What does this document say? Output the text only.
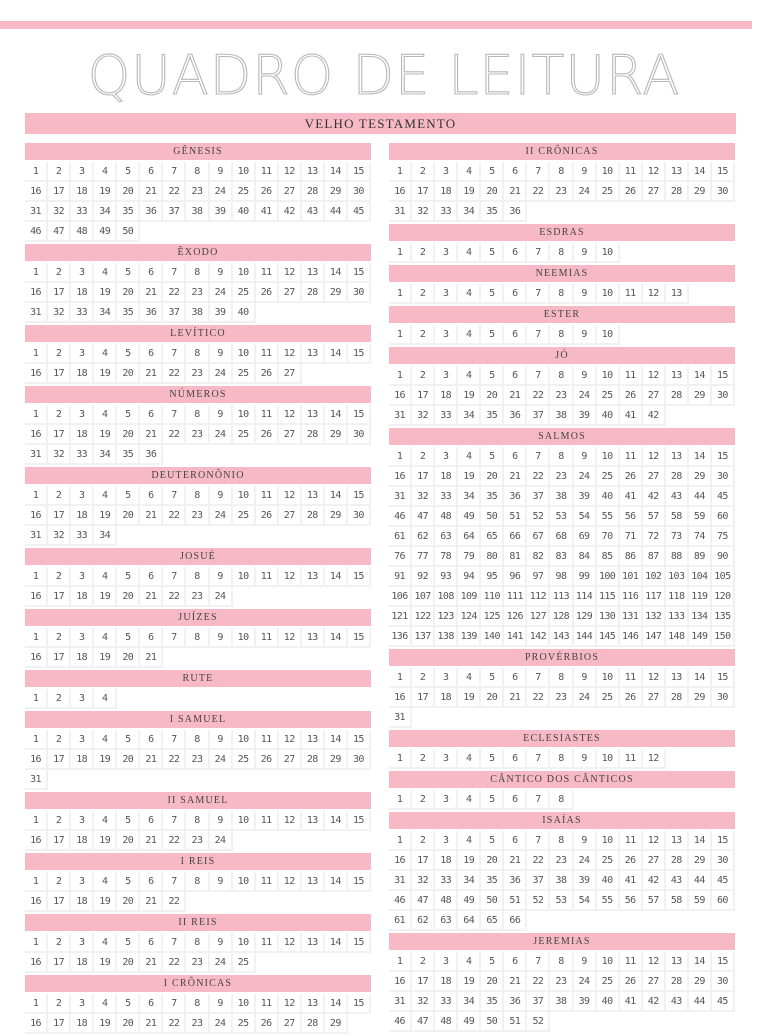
QUADRO DE LEITURA
VELHO TESTAMENTO
GÊNESIS
1	2	3	4	5	6	7	8	9	10	11	12	13	14	15
16	17	18	19	20	21	22	23	24	25	26	27	28	29	30
31	32	33	34	35	36	37	38	39	40	41	42	43	44	45
46	47	48	49	50
ÊXODO
1	2	3	4	5	6	7	8	9	10	11	12	13	14	15
16	17	18	19	20	21	22	23	24	25	26	27	28	29	30
31	32	33	34	35	36	37	38	39	40
LEVÍTICO
1	2	3	4	5	6	7	8	9	10	11	12	13	14	15
16	17	18	19	20	21	22	23	24	25	26	27
NÚMEROS
1	2	3	4	5	6	7	8	9	10	11	12	13	14	15
16	17	18	19	20	21	22	23	24	25	26	27	28	29	30
31	32	33	34	35	36
DEUTERONÔNIO
1	2	3	4	5	6	7	8	9	10	11	12	13	14	15
16	17	18	19	20	21	22	23	24	25	26	27	28	29	30
31	32	33	34
JOSUÉ
1	2	3	4	5	6	7	8	9	10	11	12	13	14	15
16	17	18	19	20	21	22	23	24
JUÍZES
1	2	3	4	5	6	7	8	9	10	11	12	13	14	15
16	17	18	19	20	21
RUTE
1	2	3	4
I SAMUEL
1	2	3	4	5	6	7	8	9	10	11	12	13	14	15
16	17	18	19	20	21	22	23	24	25	26	27	28	29	30
31
II SAMUEL
1	2	3	4	5	6	7	8	9	10	11	12	13	14	15
16	17	18	19	20	21	22	23	24
I REIS
1	2	3	4	5	6	7	8	9	10	11	12	13	14	15
16	17	18	19	20	21	22
II REIS
1	2	3	4	5	6	7	8	9	10	11	12	13	14	15
16	17	18	19	20	21	22	23	24	25
I CRÔNICAS
1	2	3	4	5	6	7	8	9	10	11	12	13	14	15
16	17	18	19	20	21	22	23	24	25	26	27	28	29
II CRÔNICAS
1	2	3	4	5	6	7	8	9	10	11	12	13	14	15
16	17	18	19	20	21	22	23	24	25	26	27	28	29	30
31	32	33	34	35	36
ESDRAS
1	2	3	4	5	6	7	8	9	10
NEEMIAS
1	2	3	4	5	6	7	8	9	10	11	12	13
ESTER
1	2	3	4	5	6	7	8	9	10
JÓ
1	2	3	4	5	6	7	8	9	10	11	12	13	14	15
16	17	18	19	20	21	22	23	24	25	26	27	28	29	30
31	32	33	34	35	36	37	38	39	40	41	42
SALMOS
1	2	3	4	5	6	7	8	9	10	11	12	13	14	15
16	17	18	19	20	21	22	23	24	25	26	27	28	29	30
31	32	33	34	35	36	37	38	39	40	41	42	43	44	45
46	47	48	49	50	51	52	53	54	55	56	57	58	59	60
61	62	63	64	65	66	67	68	69	70	71	72	73	74	75
76	77	78	79	80	81	82	83	84	85	86	87	88	89	90
91	92	93	94	95	96	97	98	99 100 101 102 103 104 105
106 107 108 109 110 111 112 113 114 115 116 117 118 119 120
121 122 123 124 125 126 127 128 129 130 131 132 133 134 135
136 137 138 139 140 141 142 143 144 145 146 147 148 149 150
PROVÉRBIOS
1	2	3	4	5	6	7	8	9	10	11	12	13	14	15
16	17	18	19	20	21	22	23	24	25	26	27	28	29	30
31
ECLESIASTES
1	2	3	4	5	6	7	8	9	10	11	12
CÂNTICO DOS CÂNTICOS
1	2	3	4	5	6	7	8
ISAÍAS
1	2	3	4	5	6	7	8	9	10	11	12	13	14	15
16	17	18	19	20	21	22	23	24	25	26	27	28	29	30
31	32	33	34	35	36	37	38	39	40	41	42	43	44	45
46	47	48	49	50	51	52	53	54	55	56	57	58	59	60
61	62	63	64	65	66
JEREMIAS
1	2	3	4	5	6	7	8	9	10	11	12	13	14	15
16	17	18	19	20	21	22	23	24	25	26	27	28	29	30
31	32	33	34	35	36	37	38	39	40	41	42	43	44	45
46	47	48	49	50	51	52
